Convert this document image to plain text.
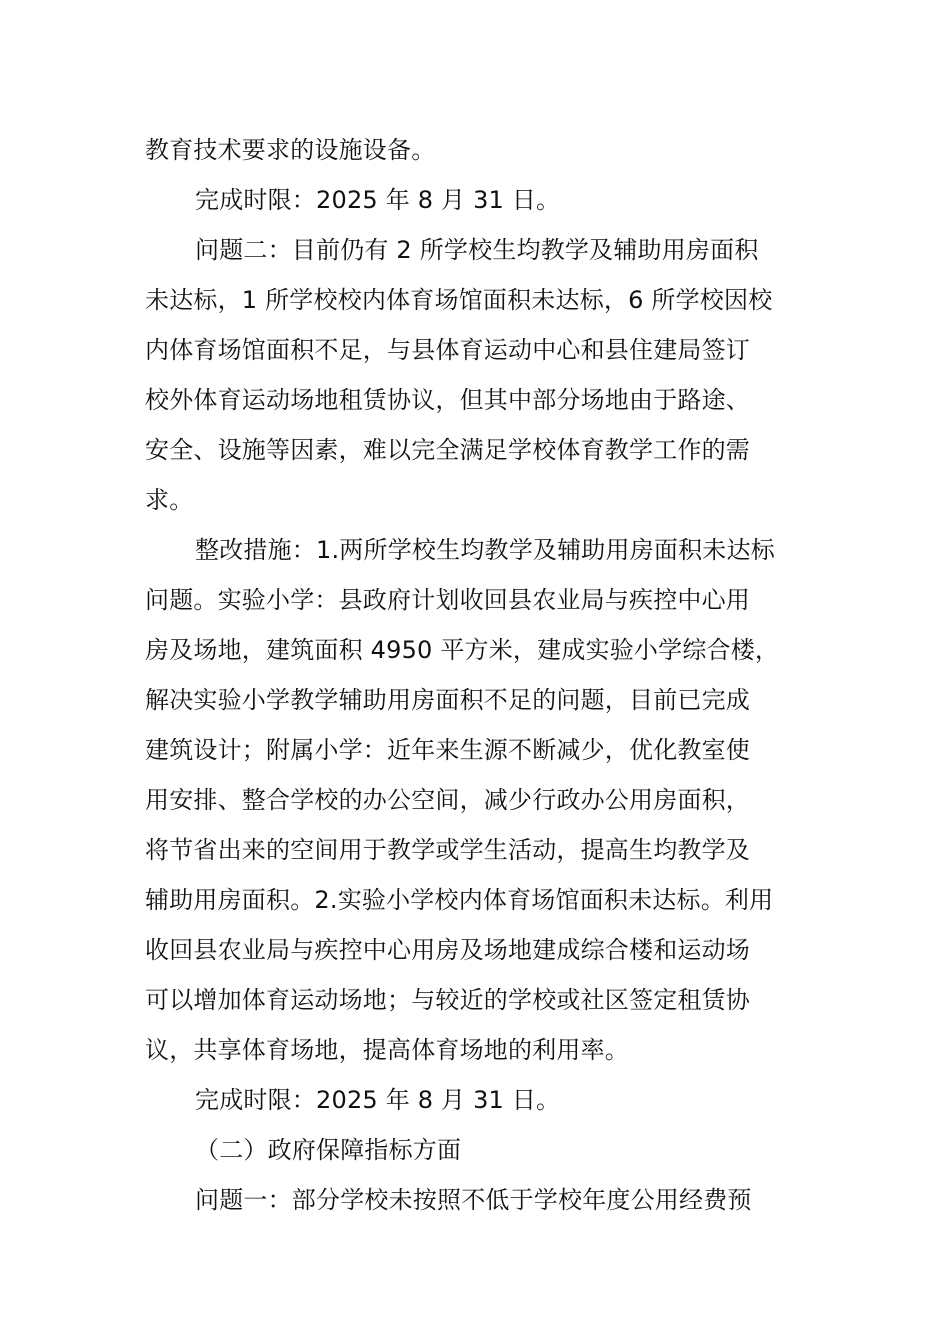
教育技术要求的设施设备。
完成时限：2025 年 8 月 31 日。
问题二：目前仍有 2 所学校生均教学及辅助用房面积
未达标，1 所学校校内体育场馆面积未达标，6 所学校因校
内体育场馆面积不足，与县体育运动中心和县住建局签订
校外体育运动场地租赁协议，但其中部分场地由于路途、
安全、设施等因素，难以完全满足学校体育教学工作的需
求。
整改措施：1.两所学校生均教学及辅助用房面积未达标
问题。实验小学：县政府计划收回县农业局与疾控中心用
房及场地，建筑面积 4950 平方米，建成实验小学综合楼，
解决实验小学教学辅助用房面积不足的问题，目前已完成
建筑设计；附属小学：近年来生源不断减少，优化教室使
用安排、整合学校的办公空间，减少行政办公用房面积，
将节省出来的空间用于教学或学生活动，提高生均教学及
辅助用房面积。2.实验小学校内体育场馆面积未达标。利用
收回县农业局与疾控中心用房及场地建成综合楼和运动场
可以增加体育运动场地；与较近的学校或社区签定租赁协
议，共享体育场地，提高体育场地的利用率。
完成时限：2025 年 8 月 31 日。
（二）政府保障指标方面
问题一：部分学校未按照不低于学校年度公用经费预
